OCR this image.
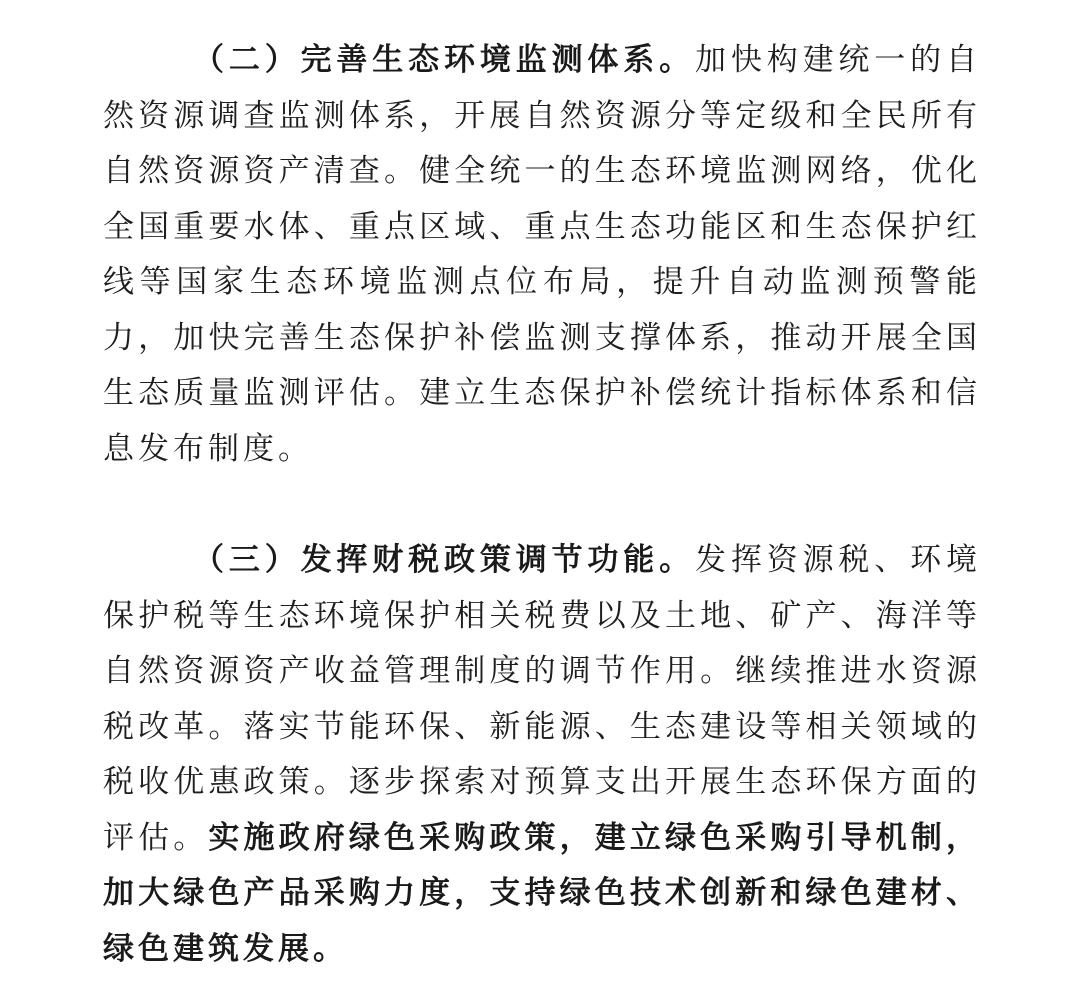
（二）完善生态环境监测体系。加快构建统一的自然资源调查监测体系，开展自然资源分等定级和全民所有自然资源资产清查。健全统一的生态环境监测网络，优化全国重要水体、重点区域、重点生态功能区和生态保护红线等国家生态环境监测点位布局，提升自动监测预警能力，加快完善生态保护补偿监测支撑体系，推动开展全国生态质量监测评估。建立生态保护补偿统计指标体系和信息发布制度。

（三）发挥财税政策调节功能。发挥资源税、环境保护税等生态环境保护相关税费以及土地、矿产、海洋等自然资源资产收益管理制度的调节作用。继续推进水资源税改革。落实节能环保、新能源、生态建设等相关领域的税收优惠政策。逐步探索对预算支出开展生态环保方面的评估。实施政府绿色采购政策，建立绿色采购引导机制，加大绿色产品采购力度，支持绿色技术创新和绿色建材、绿色建筑发展。
